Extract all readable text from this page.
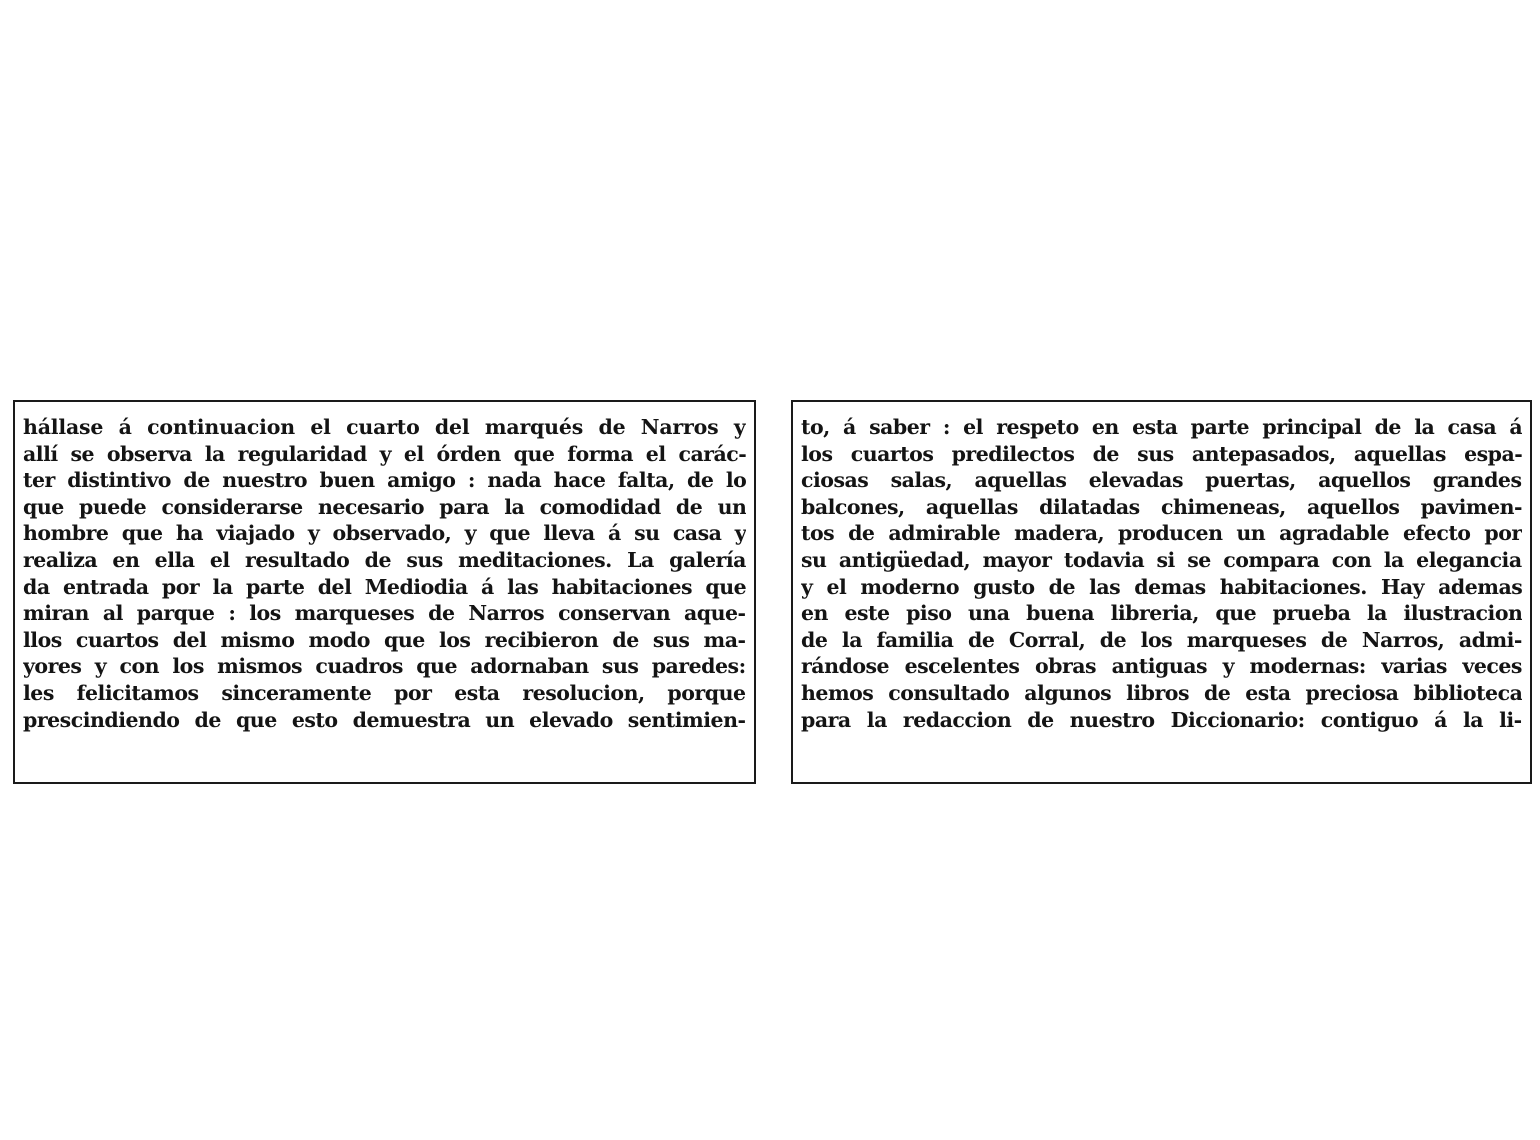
hállase á continuacion el cuarto del marqués de Narros y
allí se observa la regularidad y el órden que forma el carác-
ter distintivo de nuestro buen amigo : nada hace falta, de lo
que puede considerarse necesario para la comodidad de un
hombre que ha viajado y observado, y que lleva á su casa y
realiza en ella el resultado de sus meditaciones. La galería
da entrada por la parte del Mediodia á las habitaciones que
miran al parque : los marqueses de Narros conservan aque-
llos cuartos del mismo modo que los recibieron de sus ma-
yores y con los mismos cuadros que adornaban sus paredes:
les felicitamos sinceramente por esta resolucion, porque
prescindiendo de que esto demuestra un elevado sentimien-
to, á saber : el respeto en esta parte principal de la casa á
los cuartos predilectos de sus antepasados, aquellas espa-
ciosas salas, aquellas elevadas puertas, aquellos grandes
balcones, aquellas dilatadas chimeneas, aquellos pavimen-
tos de admirable madera, producen un agradable efecto por
su antigüedad, mayor todavia si se compara con la elegancia
y el moderno gusto de las demas habitaciones. Hay ademas
en este piso una buena libreria, que prueba la ilustracion
de la familia de Corral, de los marqueses de Narros, admi-
rándose escelentes obras antiguas y modernas: varias veces
hemos consultado algunos libros de esta preciosa biblioteca
para la redaccion de nuestro Diccionario: contiguo á la li-
